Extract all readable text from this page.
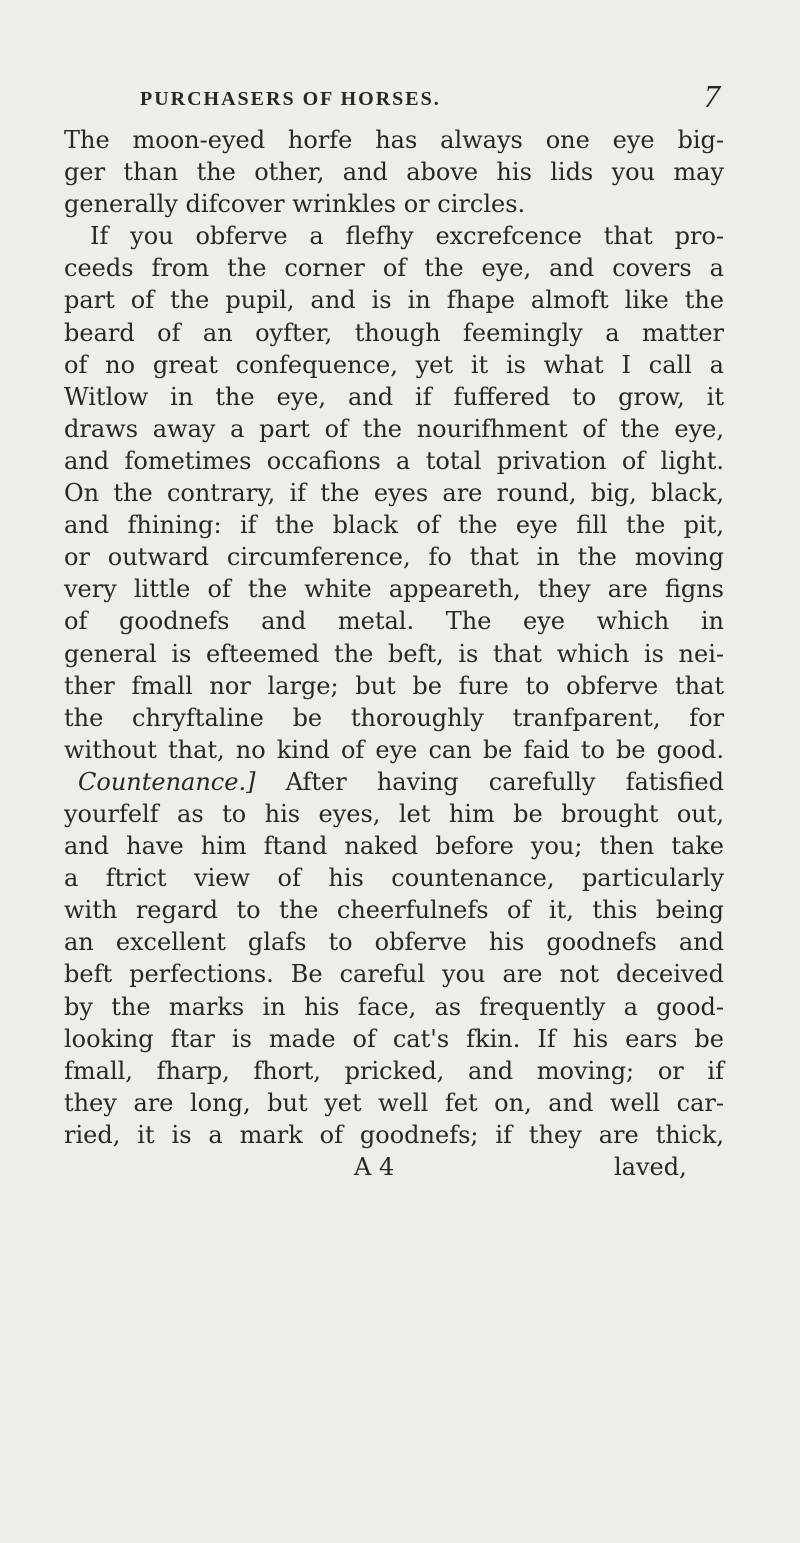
PURCHASERS OF HORSES.	7
The moon-eyed horfe has always one eye big-
ger than the other, and above his lids you may
generally difcover wrinkles or circles.
If you obferve a flefhy excrefcence that pro-
ceeds from the corner of the eye, and covers a
part of the pupil, and is in fhape almoft like the
beard of an oyfter, though feemingly a matter
of no great confequence, yet it is what I call a
Witlow in the eye, and if fuffered to grow, it
draws away a part of the nourifhment of the eye,
and fometimes occafions a total privation of light.
On the contrary, if the eyes are round, big, black,
and fhining: if the black of the eye fill the pit,
or outward circumference, fo that in the moving
very little of the white appeareth, they are figns
of goodnefs and metal. The eye which in
general is efteemed the beft, is that which is nei-
ther fmall nor large; but be fure to obferve that
the chryftaline be thoroughly tranfparent, for
without that, no kind of eye can be faid to be good.
Countenance.] After having carefully fatisfied
yourfelf as to his eyes, let him be brought out,
and have him ftand naked before you; then take
a ftrict view of his countenance, particularly
with regard to the cheerfulnefs of it, this being
an excellent glafs to obferve his goodnefs and
beft perfections. Be careful you are not deceived
by the marks in his face, as frequently a good-
looking ftar is made of cat's fkin. If his ears be
fmall, fharp, fhort, pricked, and moving; or if
they are long, but yet well fet on, and well car-
ried, it is a mark of goodnefs; if they are thick,
A 4	laved,
